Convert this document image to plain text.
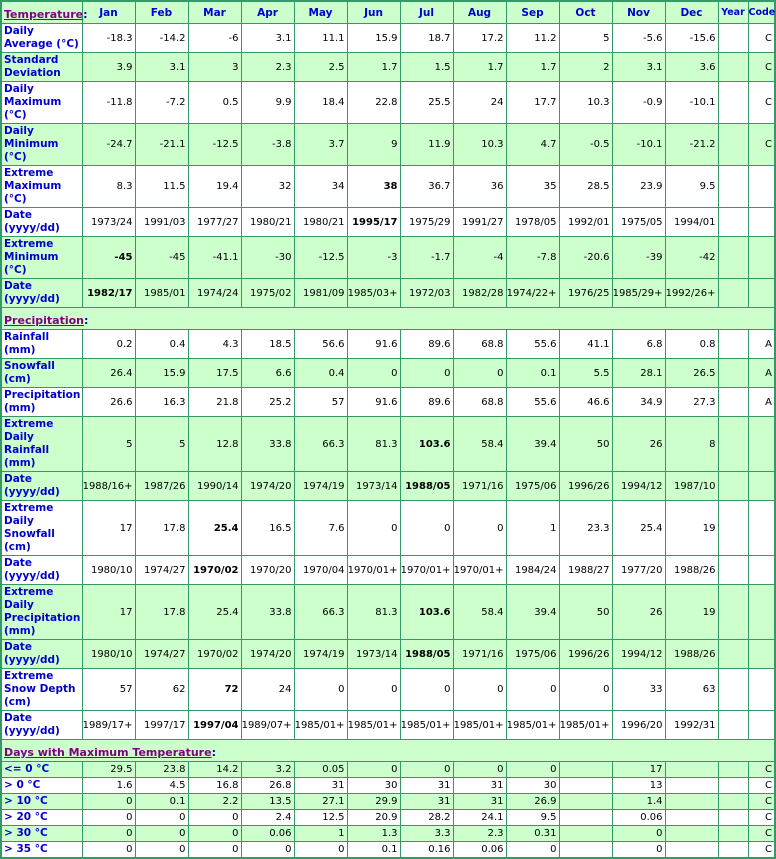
Temperature:	Jan	Feb	Mar	Apr	May	Jun	Jul	Aug	Sep	Oct	Nov	Dec	Year	Code
Daily Average (°C)	-18.3	-14.2	-6	3.1	11.1	15.9	18.7	17.2	11.2	5	-5.6	-15.6		C
Standard Deviation	3.9	3.1	3	2.3	2.5	1.7	1.5	1.7	1.7	2	3.1	3.6		C
Daily Maximum (°C)	-11.8	-7.2	0.5	9.9	18.4	22.8	25.5	24	17.7	10.3	-0.9	-10.1		C
Daily Minimum (°C)	-24.7	-21.1	-12.5	-3.8	3.7	9	11.9	10.3	4.7	-0.5	-10.1	-21.2		C
Extreme Maximum (°C)	8.3	11.5	19.4	32	34	38	36.7	36	35	28.5	23.9	9.5		
Date (yyyy/dd)	1973/24	1991/03	1977/27	1980/21	1980/21	1995/17	1975/29	1991/27	1978/05	1992/01	1975/05	1994/01		
Extreme Minimum (°C)	-45	-45	-41.1	-30	-12.5	-3	-1.7	-4	-7.8	-20.6	-39	-42		
Date (yyyy/dd)	1982/17	1985/01	1974/24	1975/02	1981/09	1985/03+	1972/03	1982/28	1974/22+	1976/25	1985/29+	1992/26+		
Precipitation:														
Rainfall (mm)	0.2	0.4	4.3	18.5	56.6	91.6	89.6	68.8	55.6	41.1	6.8	0.8		A
Snowfall (cm)	26.4	15.9	17.5	6.6	0.4	0	0	0	0.1	5.5	28.1	26.5		A
Precipitation (mm)	26.6	16.3	21.8	25.2	57	91.6	89.6	68.8	55.6	46.6	34.9	27.3		A
Extreme Daily Rainfall (mm)	5	5	12.8	33.8	66.3	81.3	103.6	58.4	39.4	50	26	8		
Date (yyyy/dd)	1988/16+	1987/26	1990/14	1974/20	1974/19	1973/14	1988/05	1971/16	1975/06	1996/26	1994/12	1987/10		
Extreme Daily Snowfall (cm)	17	17.8	25.4	16.5	7.6	0	0	0	1	23.3	25.4	19		
Date (yyyy/dd)	1980/10	1974/27	1970/02	1970/20	1970/04	1970/01+	1970/01+	1970/01+	1984/24	1988/27	1977/20	1988/26		
Extreme Daily Precipitation (mm)	17	17.8	25.4	33.8	66.3	81.3	103.6	58.4	39.4	50	26	19		
Date (yyyy/dd)	1980/10	1974/27	1970/02	1974/20	1974/19	1973/14	1988/05	1971/16	1975/06	1996/26	1994/12	1988/26		
Extreme Snow Depth (cm)	57	62	72	24	0	0	0	0	0	0	33	63		
Date (yyyy/dd)	1989/17+	1997/17	1997/04	1989/07+	1985/01+	1985/01+	1985/01+	1985/01+	1985/01+	1985/01+	1996/20	1992/31		
Days with Maximum Temperature:														
<= 0 °C	29.5	23.8	14.2	3.2	0.05	0	0	0	0		17			C
> 0 °C	1.6	4.5	16.8	26.8	31	30	31	31	30		13			C
> 10 °C	0	0.1	2.2	13.5	27.1	29.9	31	31	26.9		1.4			C
> 20 °C	0	0	0	2.4	12.5	20.9	28.2	24.1	9.5		0.06			C
> 30 °C	0	0	0	0.06	1	1.3	3.3	2.3	0.31		0			C
> 35 °C	0	0	0	0	0	0.1	0.16	0.06	0		0			C
